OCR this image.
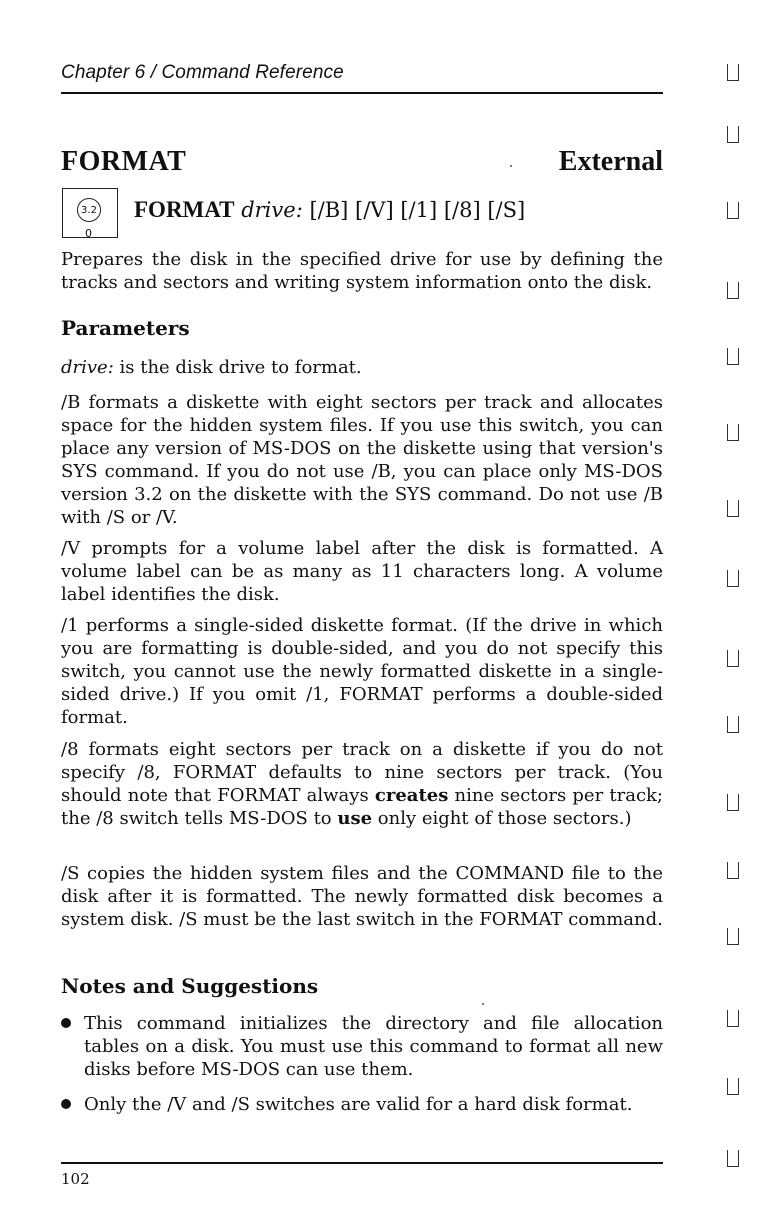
Chapter 6 / Command Reference
FORMAT	External
3.2
0
FORMAT drive: [/B] [/V] [/1] [/8] [/S]

Prepares the disk in the specified drive for use by defining the tracks and sectors and writing system information onto the disk.

Parameters

drive: is the disk drive to format.

/B formats a diskette with eight sectors per track and allocates space for the hidden system files. If you use this switch, you can place any version of MS-DOS on the diskette using that version's SYS command. If you do not use /B, you can place only MS-DOS version 3.2 on the diskette with the SYS command. Do not use /B with /S or /V.

/V prompts for a volume label after the disk is formatted. A volume label can be as many as 11 characters long. A volume label identifies the disk.

/1 performs a single-sided diskette format. (If the drive in which you are formatting is double-sided, and you do not specify this switch, you cannot use the newly formatted diskette in a single-sided drive.) If you omit /1, FORMAT performs a double-sided format.

/8 formats eight sectors per track on a diskette if you do not specify /8, FORMAT defaults to nine sectors per track. (You should note that FORMAT always creates nine sectors per track; the /8 switch tells MS-DOS to use only eight of those sectors.)

/S copies the hidden system files and the COMMAND file to the disk after it is formatted. The newly formatted disk becomes a system disk. /S must be the last switch in the FORMAT command.

Notes and Suggestions

This command initializes the directory and file allocation tables on a disk. You must use this command to format all new disks before MS-DOS can use them.

Only the /V and /S switches are valid for a hard disk format.

102
